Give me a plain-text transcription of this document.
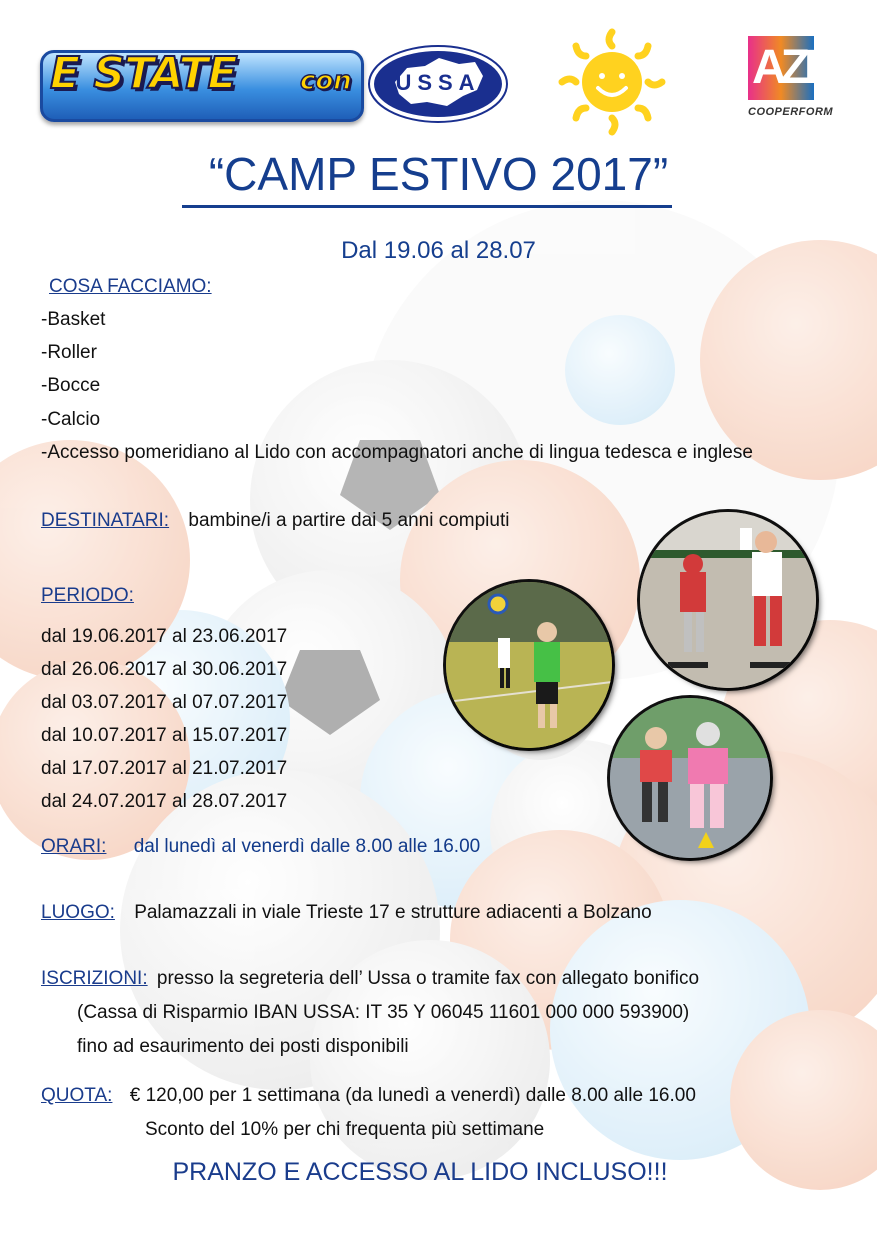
E STATE con USSA	AZB
COOPERFORM
“CAMP ESTIVO 2017”
Dal 19.06 al 28.07
COSA FACCIAMO:
-Basket
-Roller
-Bocce
-Calcio
-Accesso pomeridiano al Lido con accompagnatori anche di lingua tedesca e inglese
DESTINATARI: bambine/i a partire dai 5 anni compiuti
PERIODO:
dal 19.06.2017 al 23.06.2017
dal 26.06.2017 al 30.06.2017
dal 03.07.2017 al 07.07.2017
dal 10.07.2017 al 15.07.2017
dal 17.07.2017 al 21.07.2017
dal 24.07.2017 al 28.07.2017
ORARI: dal lunedì al venerdì dalle 8.00 alle 16.00
LUOGO: Palamazzali in viale Trieste 17 e strutture adiacenti a Bolzano
ISCRIZIONI: presso la segreteria dell’ Ussa o tramite fax con allegato bonifico
(Cassa di Risparmio IBAN USSA: IT 35 Y 06045 11601 000 000 593900)
fino ad esaurimento dei posti disponibili
QUOTA: € 120,00 per 1 settimana (da lunedì a venerdì) dalle 8.00 alle 16.00
Sconto del 10% per chi frequenta più settimane
PRANZO E ACCESSO AL LIDO INCLUSO!!!
